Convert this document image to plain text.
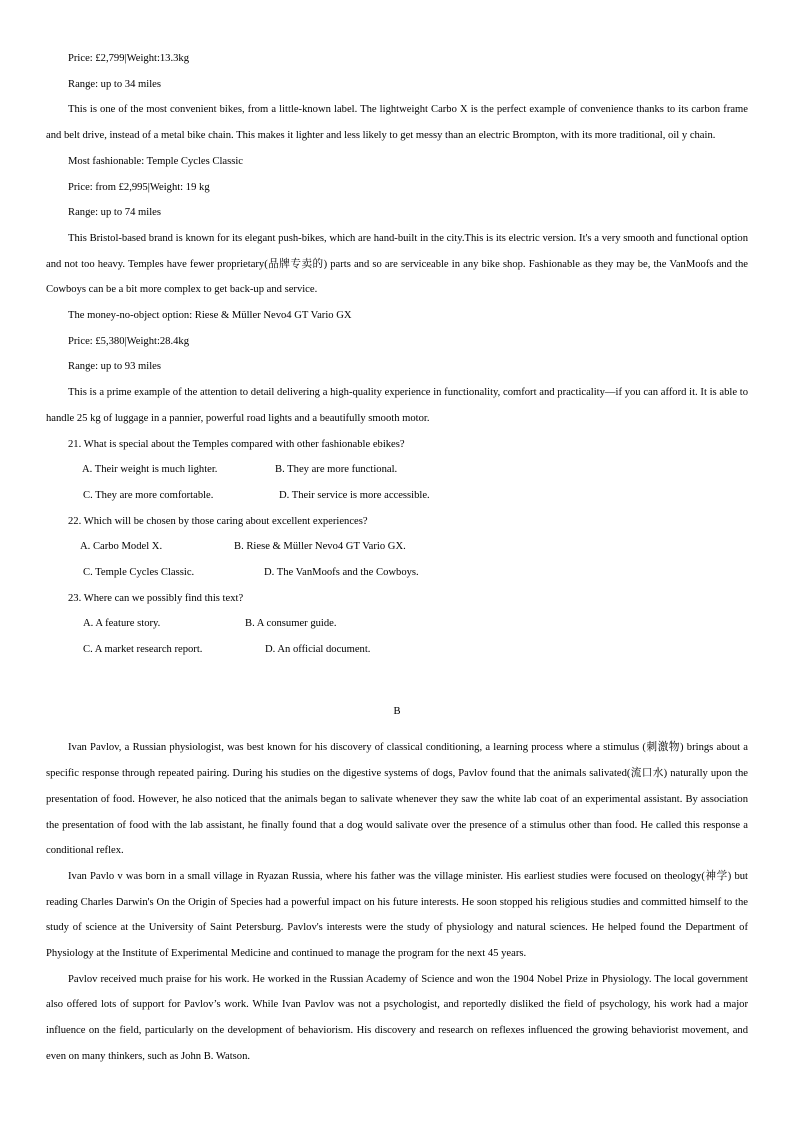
Price: £2,799|Weight:13.3kg

Range: up to 34 miles

This is one of the most convenient bikes, from a little-known label. The lightweight Carbo X is the perfect example of convenience thanks to its carbon frame and belt drive, instead of a metal bike chain. This makes it lighter and less likely to get messy than an electric Brompton, with its more traditional, oil y chain.

Most fashionable: Temple Cycles Classic

Price: from £2,995|Weight: 19 kg

Range: up to 74 miles

This Bristol-based brand is known for its elegant push-bikes, which are hand-built in the city.This is its electric version. It's a very smooth and functional option and not too heavy. Temples have fewer proprietary(品牌专卖的) parts and so are serviceable in any bike shop. Fashionable as they may be, the VanMoofs and the Cowboys can be a bit more complex to get back-up and service.

The money-no-object option: Riese & Müller Nevo4 GT Vario GX

Price: £5,380|Weight:28.4kg

Range: up to 93 miles

This is a prime example of the attention to detail delivering a high-quality experience in functionality, comfort and practicality—if you can afford it. It is able to handle 25 kg of luggage in a pannier, powerful road lights and a beautifully smooth motor.

21. What is special about the Temples compared with other fashionable ebikes?

A. Their weight is much lighter.	B. They are more functional.
C. They are more comfortable.	D. Their service is more accessible.

22. Which will be chosen by those caring about excellent experiences?

A. Carbo Model X.	B. Riese & Müller Nevo4 GT Vario GX.
C. Temple Cycles Classic.	D. The VanMoofs and the Cowboys.

23. Where can we possibly find this text?

A. A feature story.	B. A consumer guide.
C. A market research report.	D. An official document.

B

Ivan Pavlov, a Russian physiologist, was best known for his discovery of classical conditioning, a learning process where a stimulus (刺激物) brings about a specific response through repeated pairing. During his studies on the digestive systems of dogs, Pavlov found that the animals salivated(流口水) naturally upon the presentation of food. However, he also noticed that the animals began to salivate whenever they saw the white lab coat of an experimental assistant. By association the presentation of food with the lab assistant, he finally found that a dog would salivate over the presence of a stimulus other than food. He called this response a conditional reflex.

Ivan Pavlo v was born in a small village in Ryazan Russia, where his father was the village minister. His earliest studies were focused on theology(神学) but reading Charles Darwin's On the Origin of Species had a powerful impact on his future interests. He soon stopped his religious studies and committed himself to the study of science at the University of Saint Petersburg. Pavlov's interests were the study of physiology and natural sciences. He helped found the Department of Physiology at the Institute of Experimental Medicine and continued to manage the program for the next 45 years.

Pavlov received much praise for his work. He worked in the Russian Academy of Science and won the 1904 Nobel Prize in Physiology. The local government also offered lots of support for Pavlov’s work. While Ivan Pavlov was not a psychologist, and reportedly disliked the field of psychology, his work had a major influence on the field, particularly on the development of behaviorism. His discovery and research on reflexes influenced the growing behaviorist movement, and even on many thinkers, such as John B. Watson.
